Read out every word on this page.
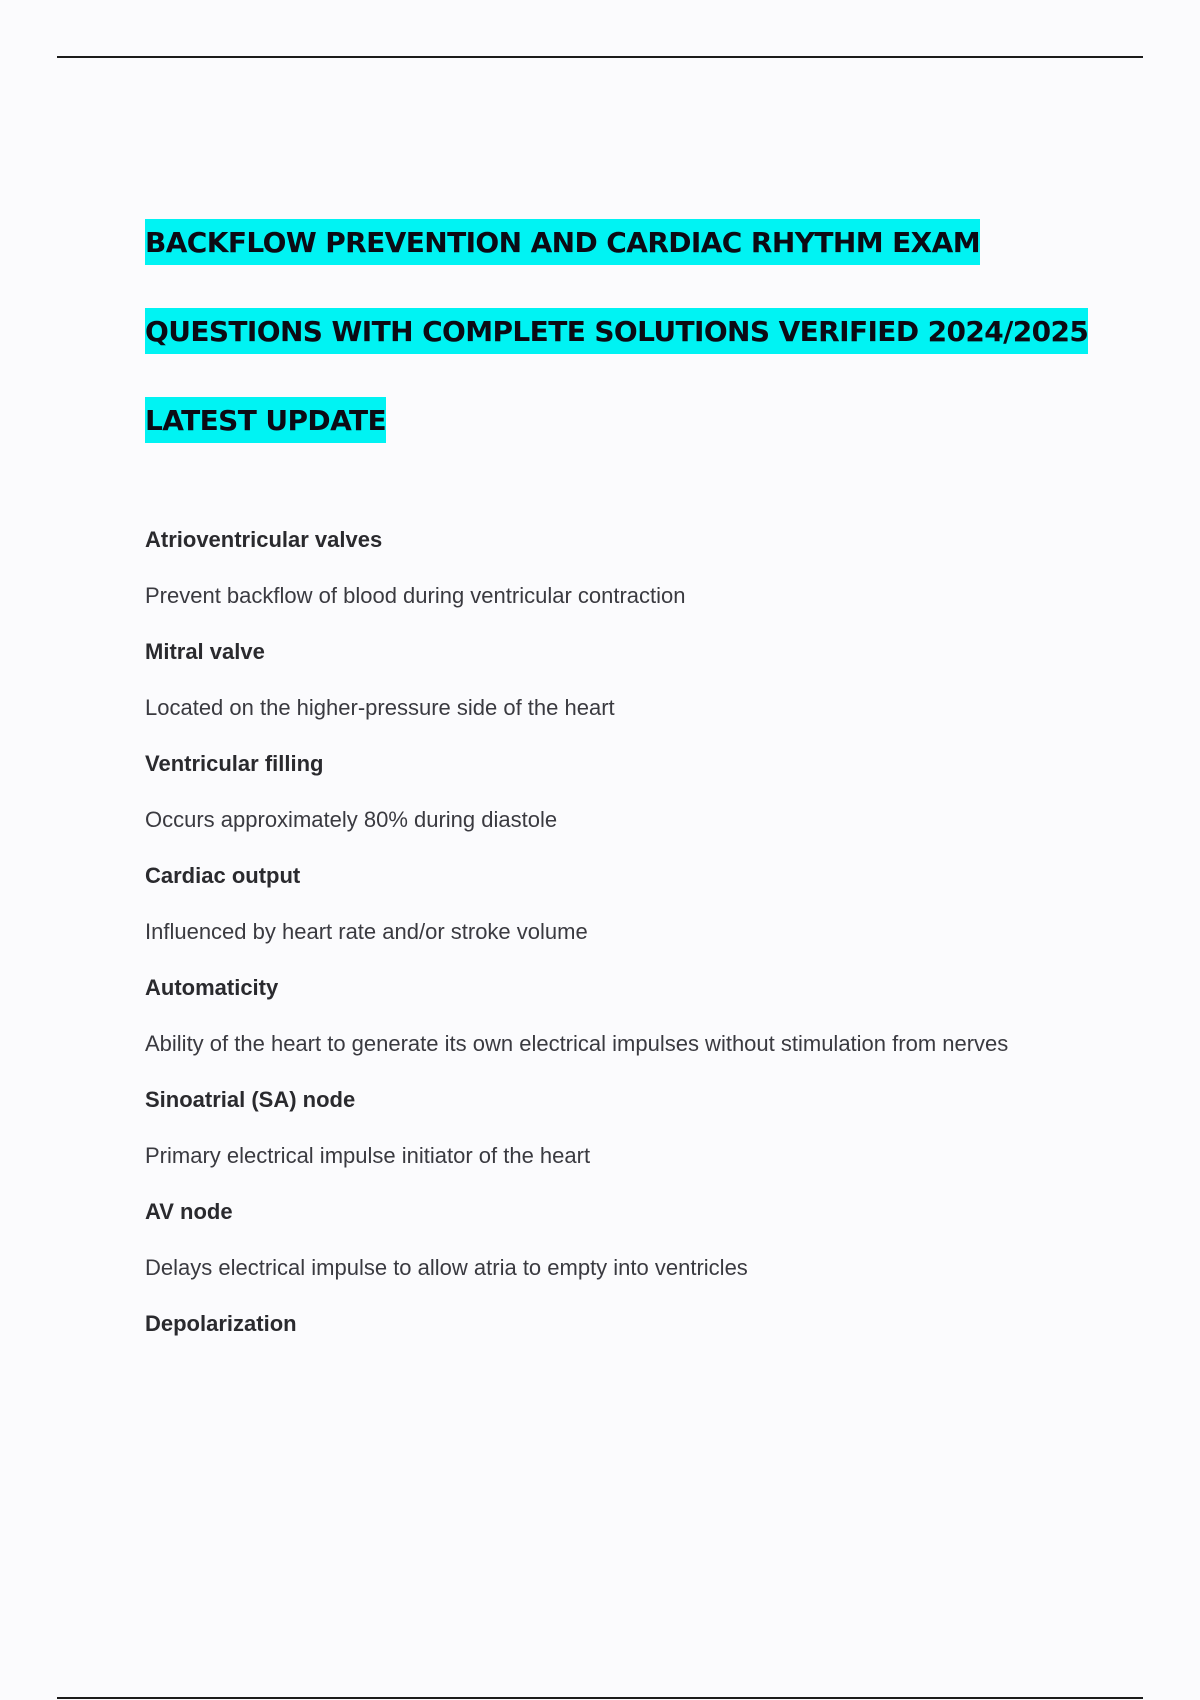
BACKFLOW PREVENTION AND CARDIAC RHYTHM EXAM QUESTIONS WITH COMPLETE SOLUTIONS VERIFIED 2024/2025 LATEST UPDATE

Atrioventricular valves

Prevent backflow of blood during ventricular contraction

Mitral valve

Located on the higher-pressure side of the heart

Ventricular filling

Occurs approximately 80% during diastole

Cardiac output

Influenced by heart rate and/or stroke volume

Automaticity

Ability of the heart to generate its own electrical impulses without stimulation from nerves

Sinoatrial (SA) node

Primary electrical impulse initiator of the heart

AV node

Delays electrical impulse to allow atria to empty into ventricles

Depolarization
